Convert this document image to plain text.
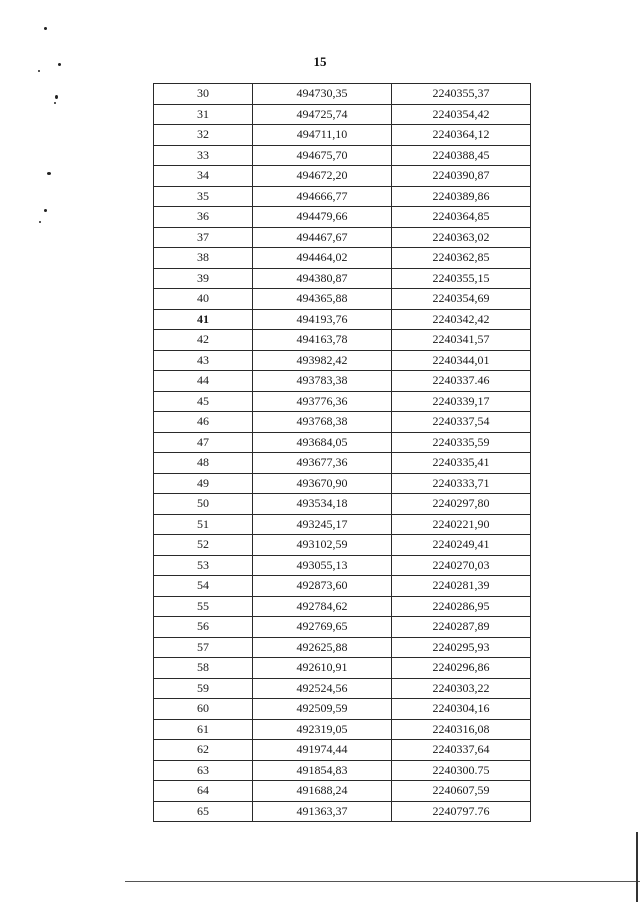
15
30	494730,35	2240355,37
31	494725,74	2240354,42
32	494711,10	2240364,12
33	494675,70	2240388,45
34	494672,20	2240390,87
35	494666,77	2240389,86
36	494479,66	2240364,85
37	494467,67	2240363,02
38	494464,02	2240362,85
39	494380,87	2240355,15
40	494365,88	2240354,69
41	494193,76	2240342,42
42	494163,78	2240341,57
43	493982,42	2240344,01
44	493783,38	2240337.46
45	493776,36	2240339,17
46	493768,38	2240337,54
47	493684,05	2240335,59
48	493677,36	2240335,41
49	493670,90	2240333,71
50	493534,18	2240297,80
51	493245,17	2240221,90
52	493102,59	2240249,41
53	493055,13	2240270,03
54	492873,60	2240281,39
55	492784,62	2240286,95
56	492769,65	2240287,89
57	492625,88	2240295,93
58	492610,91	2240296,86
59	492524,56	2240303,22
60	492509,59	2240304,16
61	492319,05	2240316,08
62	491974,44	2240337,64
63	491854,83	2240300.75
64	491688,24	2240607,59
65	491363,37	2240797.76
